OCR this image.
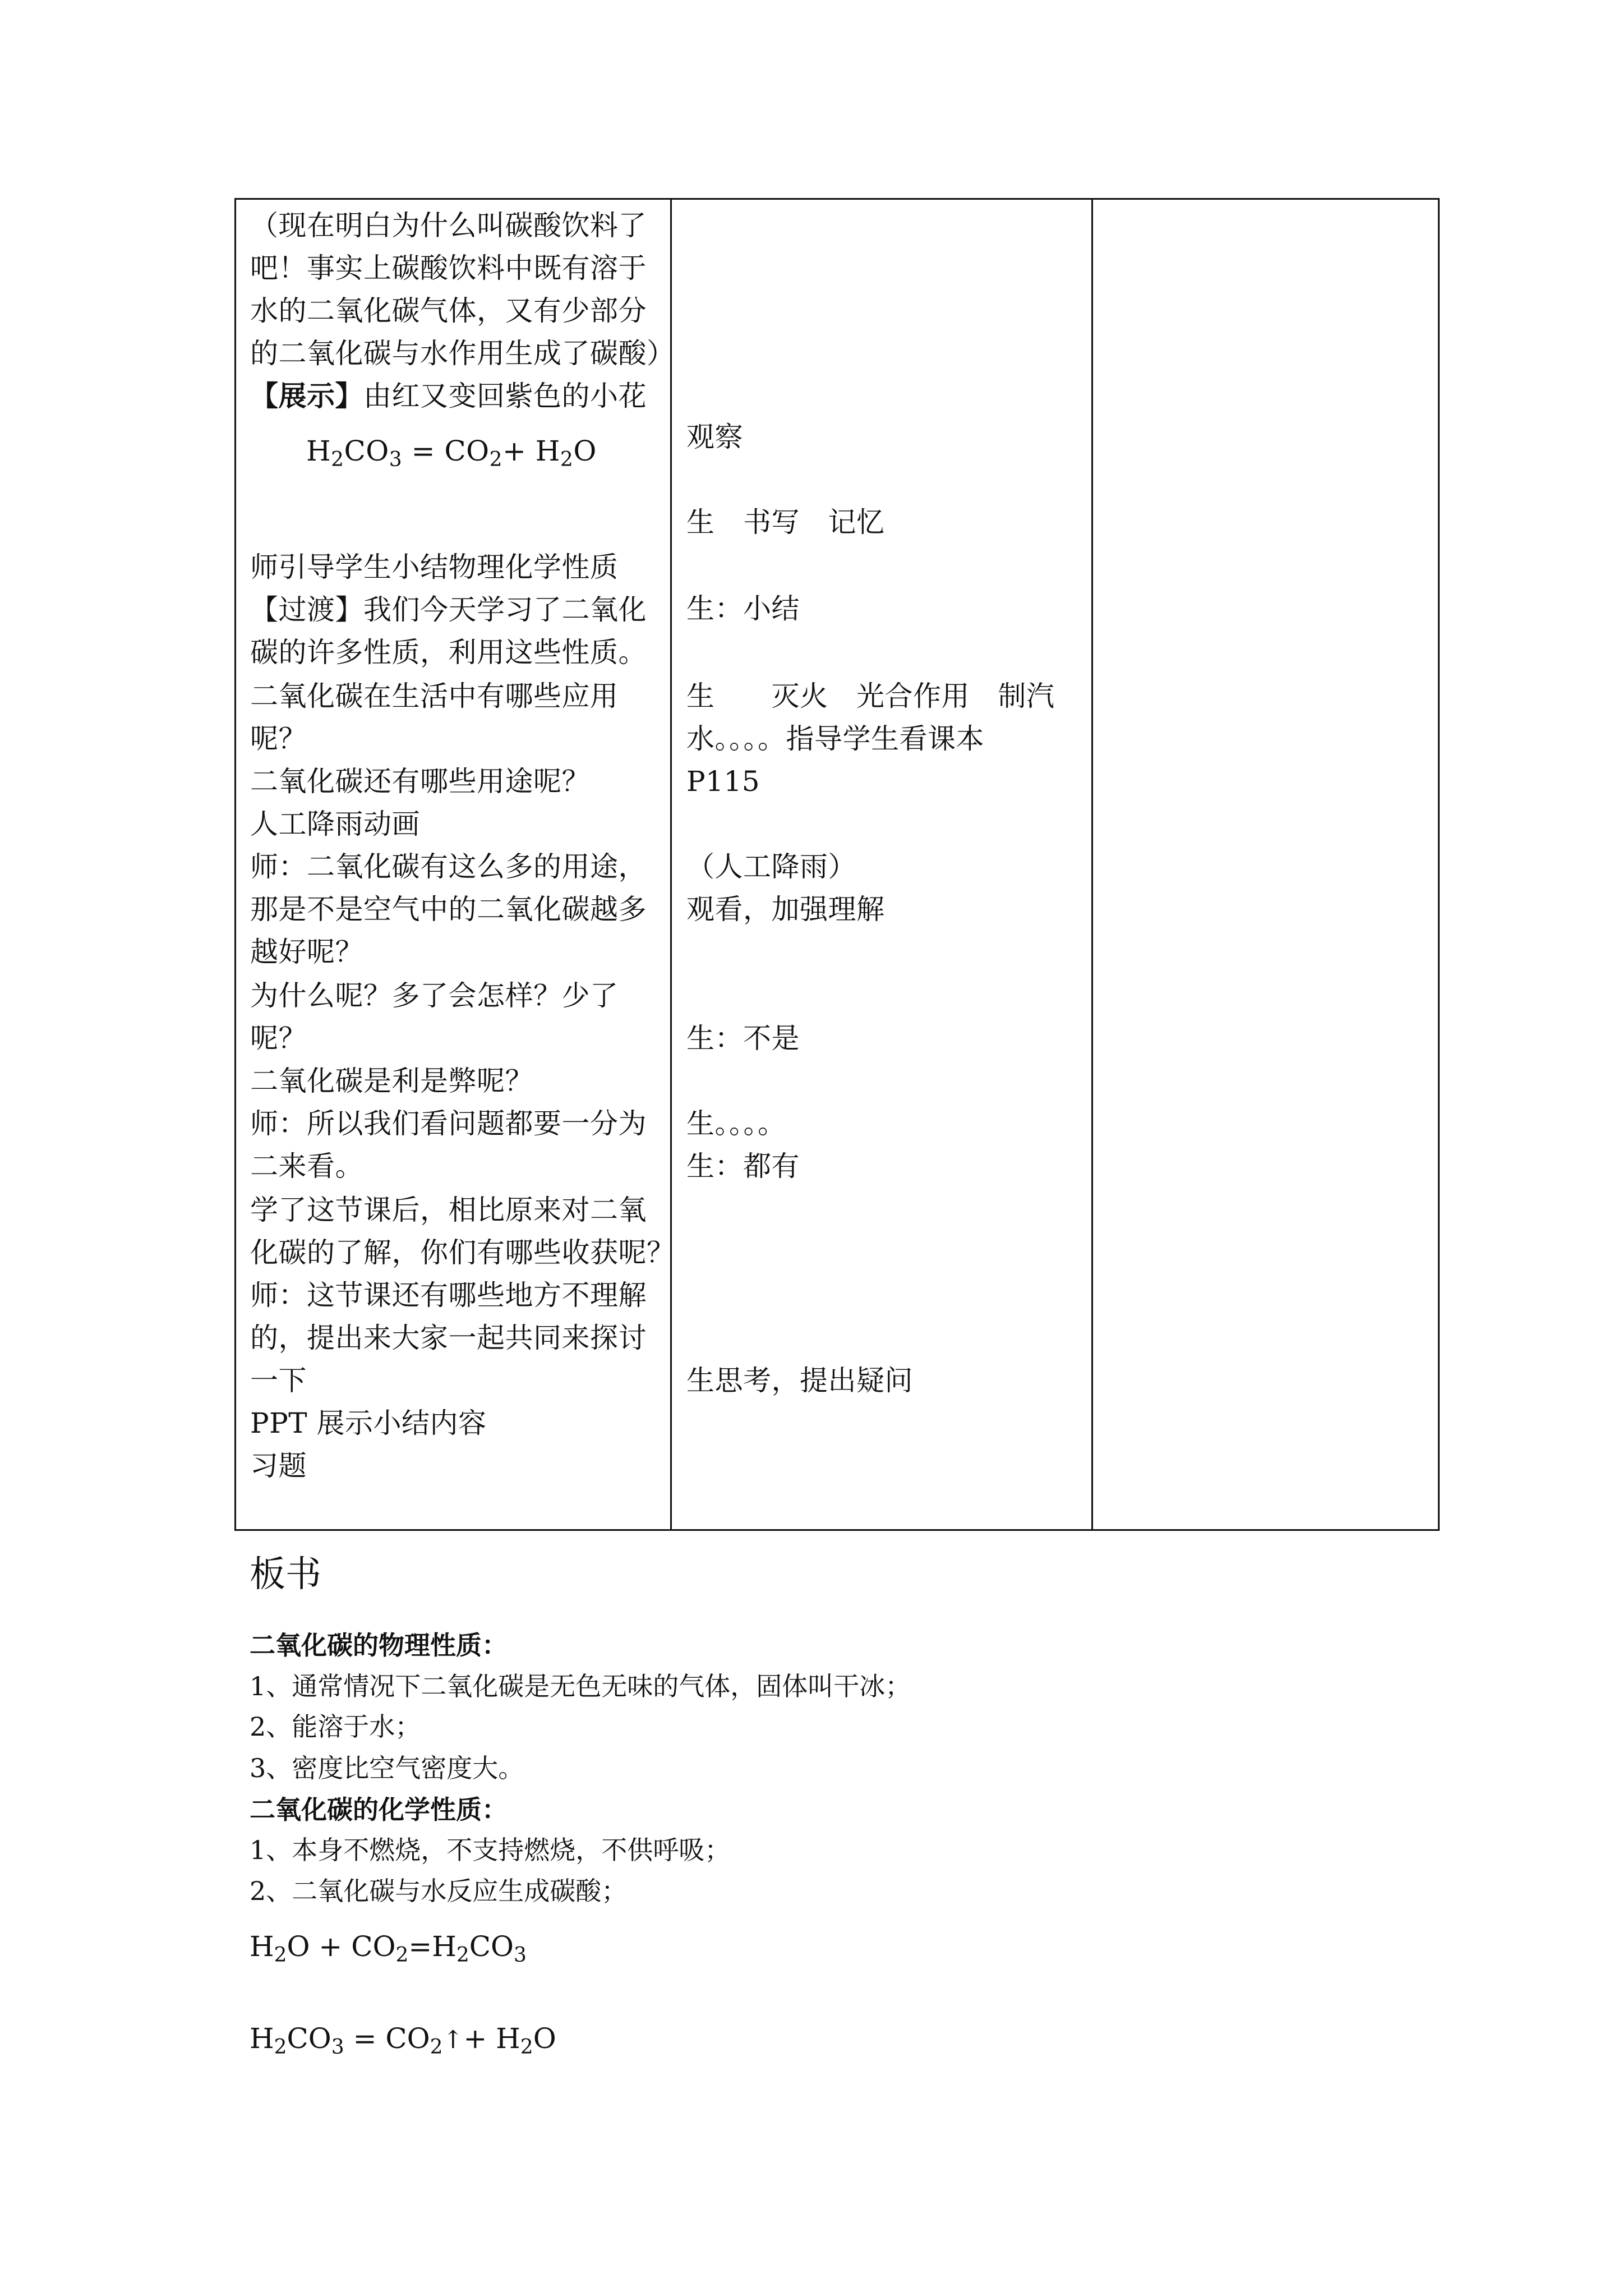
（现在明白为什么叫碳酸饮料了

吧！事实上碳酸饮料中既有溶于

水的二氧化碳气体，又有少部分

的二氧化碳与水作用生成了碳酸）

【展示】由红又变回紫色的小花

$H_2CO_3 = CO_2+ H_2O$

师引导学生小结物理化学性质

【过渡】我们今天学习了二氧化

碳的许多性质，利用这些性质。

二氧化碳在生活中有哪些应用

呢？

二氧化碳还有哪些用途呢？

人工降雨动画

师：二氧化碳有这么多的用途，

那是不是空气中的二氧化碳越多

越好呢？

为什么呢？多了会怎样？少了

呢？

二氧化碳是利是弊呢？

师：所以我们看问题都要一分为

二来看。

学了这节课后，相比原来对二氧

化碳的了解，你们有哪些收获呢？

师：这节课还有哪些地方不理解

的，提出来大家一起共同来探讨

一下

PPT 展示小结内容

习题

观察

生　书写　记忆

生：小结

生　　灭火　光合作用　制汽

水。。。。指导学生看课本

P115

（人工降雨）

观看，加强理解

生：不是

生。。。。

生：都有

生思考，提出疑问

板书
二氧化碳的物理性质：
1、通常情况下二氧化碳是无色无味的气体，固体叫干冰；
2、能溶于水；
3、密度比空气密度大。
二氧化碳的化学性质：
1、本身不燃烧，不支持燃烧，不供呼吸；
2、二氧化碳与水反应生成碳酸；
$H_2O + CO_2=H_2CO_3$
$H_2CO_3$ = $CO_2↑+ H_2O$
